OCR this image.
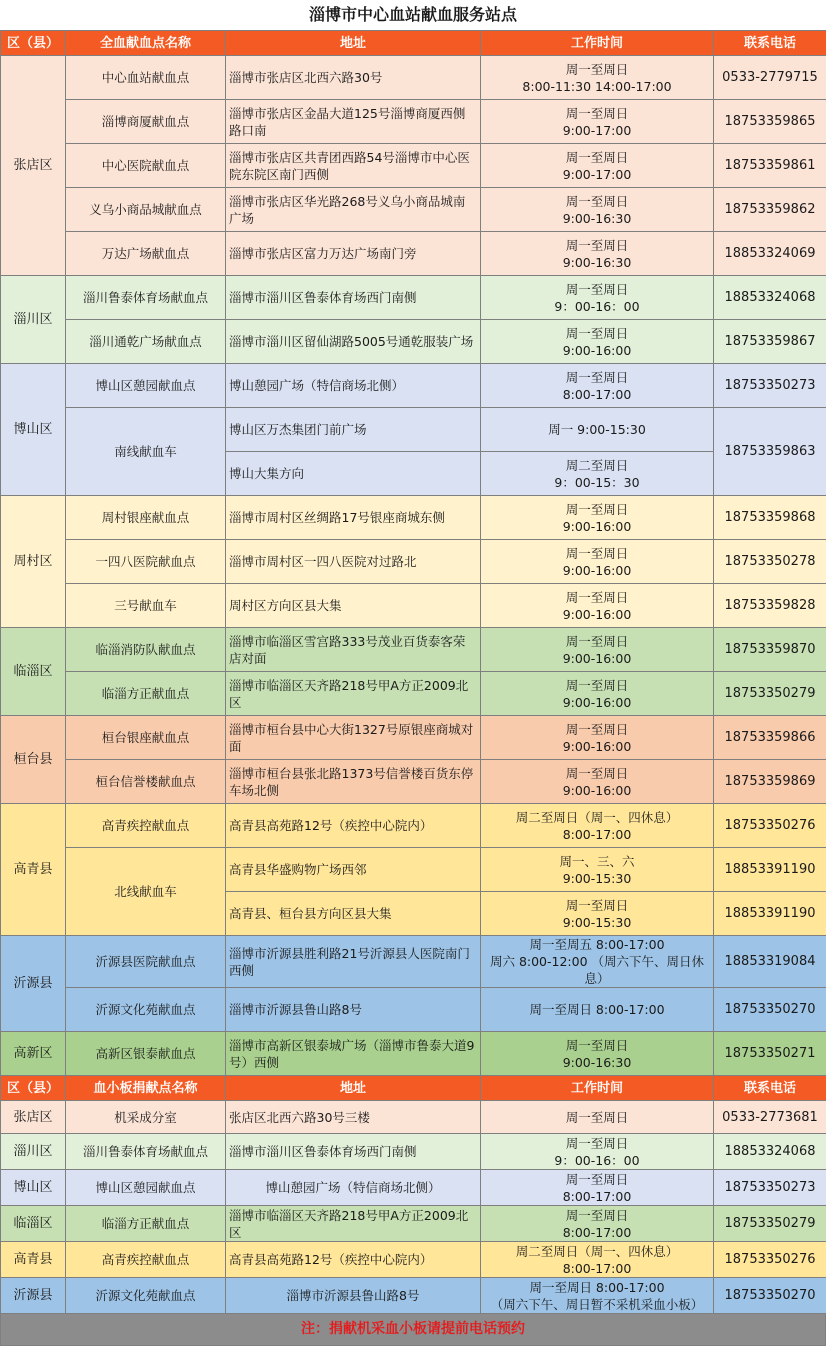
淄博市中心血站献血服务站点
区（县）	全血献血点名称	地址	工作时间	联系电话
张店区	中心血站献血点	淄博市张店区北西六路30号	周一至周日
8:00-11:30 14:00-17:00	0533-2779715
	淄博商厦献血点	淄博市张店区金晶大道125号淄博商厦西侧路口南	周一至周日
9:00-17:00	18753359865
	中心医院献血点	淄博市张店区共青团西路54号淄博市中心医院东院区南门西侧	周一至周日
9:00-17:00	18753359861
	义乌小商品城献血点	淄博市张店区华光路268号义乌小商品城南广场	周一至周日
9:00-16:30	18753359862
	万达广场献血点	淄博市张店区富力万达广场南门旁	周一至周日
9:00-16:30	18853324069
淄川区	淄川鲁泰体育场献血点	淄博市淄川区鲁泰体育场西门南侧	周一至周日
9：00-16：00	18853324068
	淄川通乾广场献血点	淄博市淄川区留仙湖路5005号通乾服装广场	周一至周日
9:00-16:00	18753359867
博山区	博山区憩园献血点	博山憩园广场（特信商场北侧）	周一至周日
8:00-17:00	18753350273
	南线献血车	博山区万杰集团门前广场	周一 9:00-15:30	18753359863
		博山大集方向	周二至周日
9：00-15：30	
周村区	周村银座献血点	淄博市周村区丝绸路17号银座商城东侧	周一至周日
9:00-16:00	18753359868
	一四八医院献血点	淄博市周村区一四八医院对过路北	周一至周日
9:00-16:00	18753350278
	三号献血车	周村区方向区县大集	周一至周日
9:00-16:00	18753359828
临淄区	临淄消防队献血点	淄博市临淄区雪宫路333号茂业百货泰客荣店对面	周一至周日
9:00-16:00	18753359870
	临淄方正献血点	淄博市临淄区天齐路218号甲A方正2009北区	周一至周日
9:00-16:00	18753350279
桓台县	桓台银座献血点	淄博市桓台县中心大街1327号原银座商城对面	周一至周日
9:00-16:00	18753359866
	桓台信誉楼献血点	淄博市桓台县张北路1373号信誉楼百货东停车场北侧	周一至周日
9:00-16:00	18753359869
高青县	高青疾控献血点	高青县高苑路12号（疾控中心院内）	周二至周日（周一、四休息）
8:00-17:00	18753350276
	北线献血车	高青县华盛购物广场西邻	周一、三、六
9:00-15:30	18853391190
		高青县、桓台县方向区县大集	周一至周日
9:00-15:30	18853391190
沂源县	沂源县医院献血点	淄博市沂源县胜利路21号沂源县人医院南门西侧	周一至周五 8:00-17:00
周六 8:00-12:00 （周六下午、周日休息）	18853319084
	沂源文化苑献血点	淄博市沂源县鲁山路8号	周一至周日 8:00-17:00	18753350270
高新区	高新区银泰献血点	淄博市高新区银泰城广场（淄博市鲁泰大道9号）西侧	周一至周日
9:00-16:30	18753350271
区（县）	血小板捐献点名称	地址	工作时间	联系电话
张店区	机采成分室	张店区北西六路30号三楼	周一至周日	0533-2773681
淄川区	淄川鲁泰体育场献血点	淄博市淄川区鲁泰体育场西门南侧	周一至周日
9：00-16：00	18853324068
博山区	博山区憩园献血点	博山憩园广场（特信商场北侧）	周一至周日
8:00-17:00	18753350273
临淄区	临淄方正献血点	淄博市临淄区天齐路218号甲A方正2009北区	周一至周日
8:00-17:00	18753350279
高青县	高青疾控献血点	高青县高苑路12号（疾控中心院内）	周二至周日（周一、四休息）
8:00-17:00	18753350276
沂源县	沂源文化苑献血点	淄博市沂源县鲁山路8号	周一至周日 8:00-17:00
（周六下午、周日暂不采机采血小板）	18753350270
注：捐献机采血小板请提前电话预约
